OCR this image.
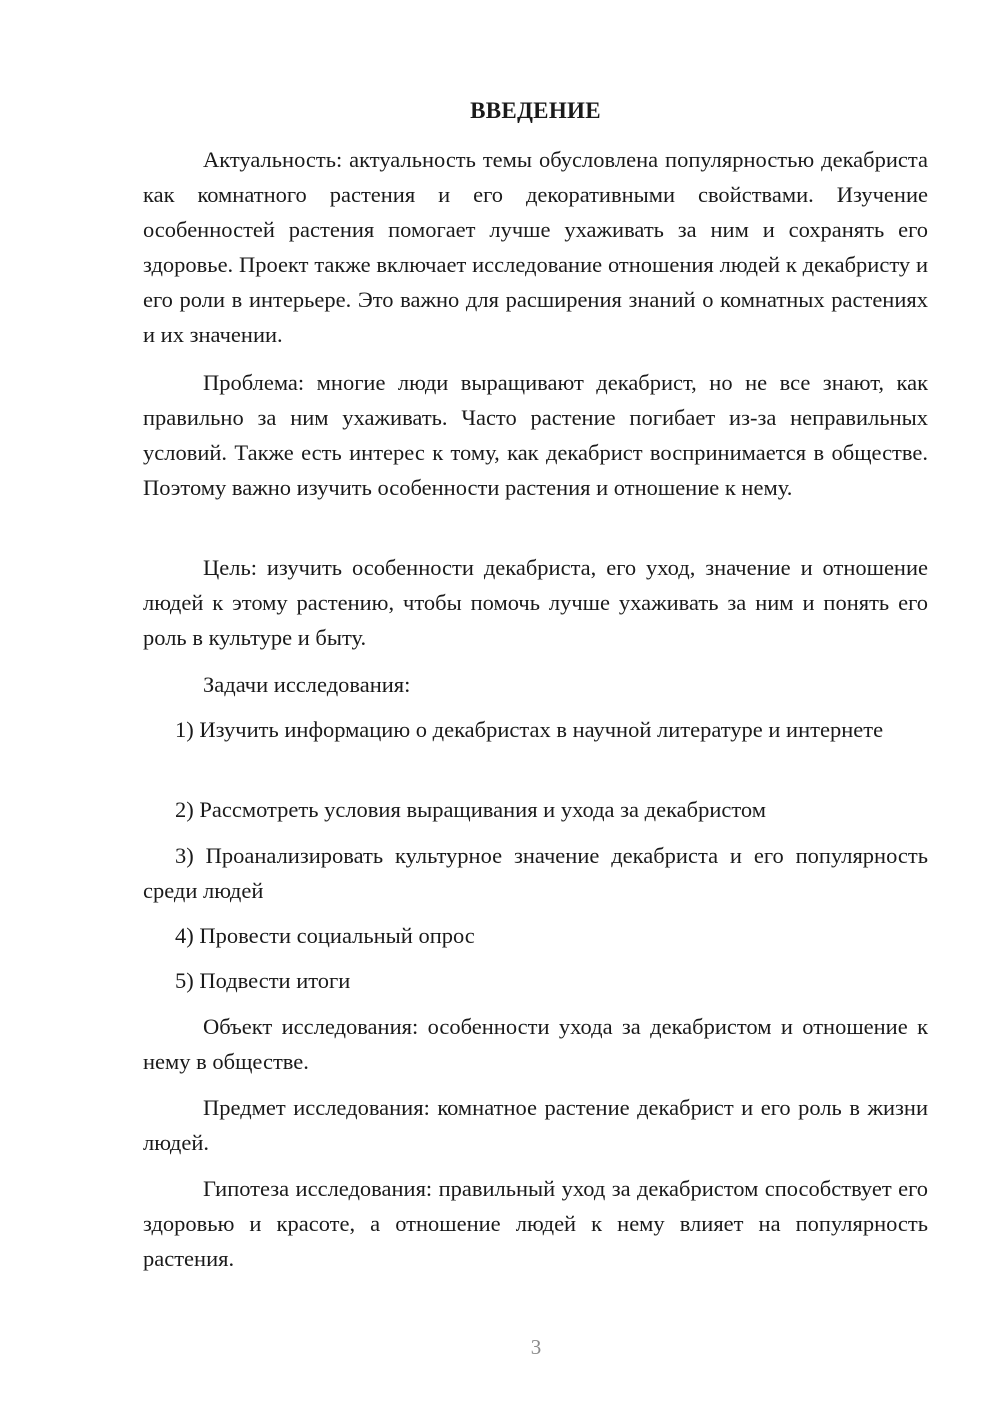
ВВЕДЕНИЕ

Актуальность: актуальность темы обусловлена популярностью декабриста как комнатного растения и его декоративными свойствами. Изучение особенностей растения помогает лучше ухаживать за ним и сохранять его здоровье. Проект также включает исследование отношения людей к декабристу и его роли в интерьере. Это важно для расширения знаний о комнатных растениях и их значении.

Проблема: многие люди выращивают декабрист, но не все знают, как правильно за ним ухаживать. Часто растение погибает из-за неправильных условий. Также есть интерес к тому, как декабрист воспринимается в обществе. Поэтому важно изучить особенности растения и отношение к нему.

Цель: изучить особенности декабриста, его уход, значение и отношение людей к этому растению, чтобы помочь лучше ухаживать за ним и понять его роль в культуре и быту.

Задачи исследования:

1) Изучить информацию о декабристах в научной литературе и интернете

2) Рассмотреть условия выращивания и ухода за декабристом

3) Проанализировать культурное значение декабриста и его популярность среди людей

4) Провести социальный опрос

5) Подвести итоги

Объект исследования: особенности ухода за декабристом и отношение к нему в обществе.

Предмет исследования: комнатное растение декабрист и его роль в жизни людей.

Гипотеза исследования: правильный уход за декабристом способствует его здоровью и красоте, а отношение людей к нему влияет на популярность растения.

3
